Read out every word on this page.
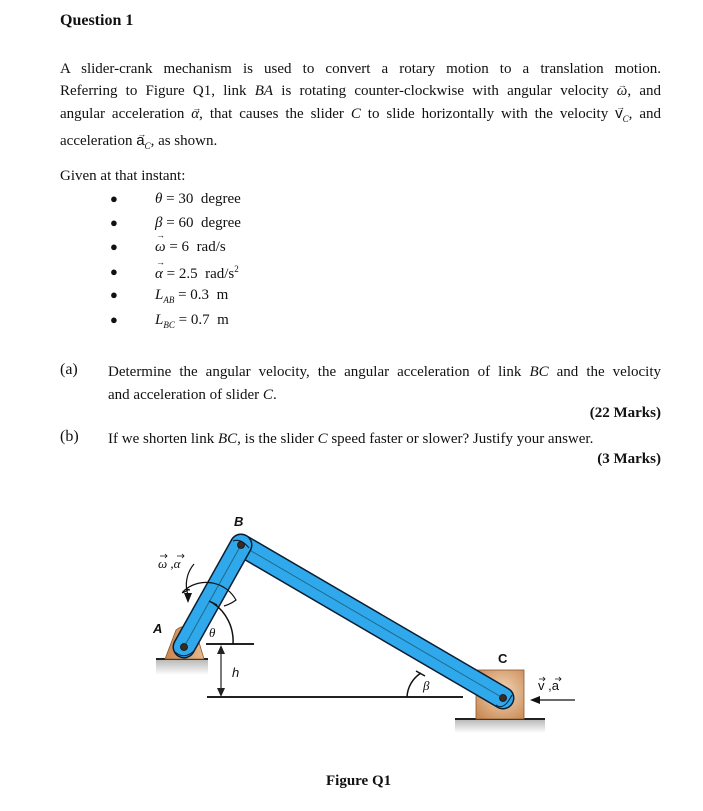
Question 1
A slider-crank mechanism is used to convert a rotary motion to a translation motion.
Referring to Figure Q1, link BA is rotating counter-clockwise with angular velocity → ω, and
angular acceleration → α, that causes the slider C to slide horizontally with the velocity → $v_C$, and
acceleration → $a_C$, as shown.
Given at that instant:
● θ = 30 degree
● β = 60 degree
● → ω = 6 rad/s
● → α = 2.5 rad/$s^2$
● $L_{AB} = 0.3$ m
● $L_{BC} = 0.7$ m
(a) Determine the angular velocity, the angular acceleration of link BC and the velocity
and acceleration of slider C.
(22 Marks)
(b) If we shorten link BC, is the slider C speed faster or slower? Justify your answer.
(3 Marks)
B
A
C
θ
β
h
ω ,α
v ,a
Figure Q1
